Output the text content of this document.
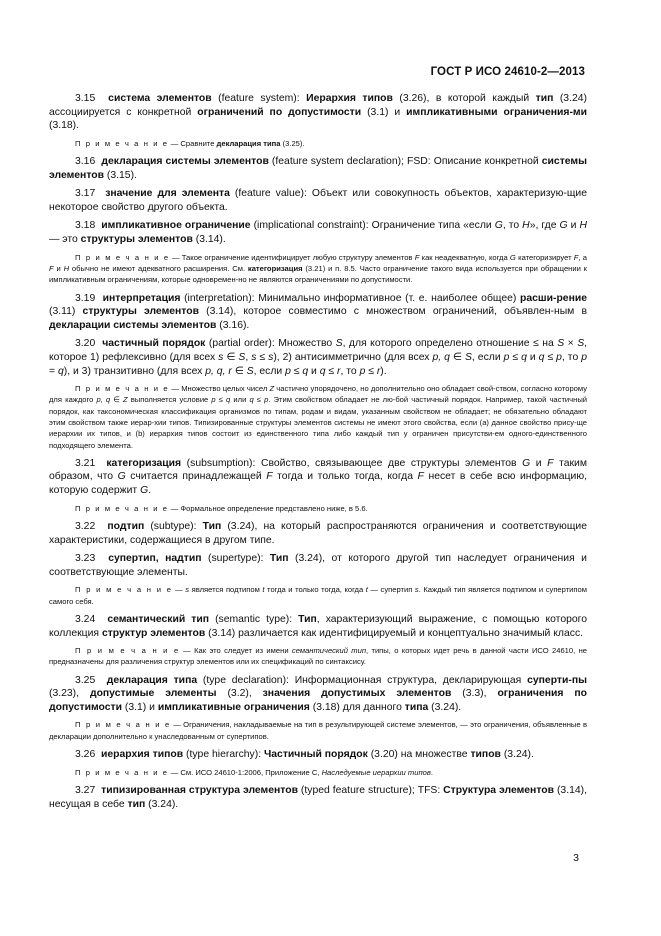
ГОСТ Р ИСО 24610-2—2013

3.15 система элементов (feature system): Иерархия типов (3.26), в которой каждый тип (3.24) ассоциируется с конкретной ограничений по допустимости (3.1) и импликативными ограничения-ми (3.18).

П р и м е ч а н и е — Сравните декларация типа (3.25).

3.16 декларация системы элементов (feature system declaration); FSD: Описание конкретной системы элементов (3.15).

3.17 значение для элемента (feature value): Объект или совокупность объектов, характеризую-щие некоторое свойство другого объекта.

3.18 импликативное ограничение (implicational constraint): Ограничение типа «если G, то H», где G и H — это структуры элементов (3.14).

П р и м е ч а н и е — Такое ограничение идентифицирует любую структуру элементов F как неадекватную, когда G категоризирует F, а F и H обычно не имеют адекватного расширения. См. категоризация (3.21) и п. 8.5. Часто ограничение такого вида используется при обращении к импликативным ограничениям, которые одновремен-но не являются ограничениями по допустимости.

3.19 интерпретация (interpretation): Минимально информативное (т. е. наиболее общее) расши-рение (3.11) структуры элементов (3.14), которое совместимо с множеством ограничений, объявлен-ным в декларации системы элементов (3.16).

3.20 частичный порядок (partial order): Множество S, для которого определено отношение ≤ на S × S, которое 1) рефлексивно (для всех s ∈ S, s ≤ s), 2) антисимметрично (для всех p, q ∈ S, если p ≤ q и q ≤ p, то p = q), и 3) транзитивно (для всех p, q, r ∈ S, если p ≤ q и q ≤ r, то p ≤ r).

П р и м е ч а н и е — Множество целых чисел Z частично упорядочено, но дополнительно оно обладает свой-ством, согласно которому для каждого p, q ∈ Z выполняется условие p ≤ q или q ≤ p. Этим свойством обладает не лю-бой частичный порядок. Например, такой частичный порядок, как таксономическая классификация организмов по типам, родам и видам, указанным свойством не обладает; не обязательно обладают этим свойством также иерар-хии типов. Типизированные структуры элементов системы не имеют этого свойства, если (а) данное свойство прису-ще иерархии их типов, и (b) иерархия типов состоит из единственного типа либо каждый тип у ограничен присутстви-ем одного-единственного подходящего элемента.

3.21 категоризация (subsumption): Свойство, связывающее две структуры элементов G и F таким образом, что G считается принадлежащей F тогда и только тогда, когда F несет в себе всю информацию, которую содержит G.

П р и м е ч а н и е — Формальное определение представлено ниже, в 5.6.

3.22 подтип (subtype): Тип (3.24), на который распространяются ограничения и соответствующие характеристики, содержащиеся в другом типе.

3.23 супертип, надтип (supertype): Тип (3.24), от которого другой тип наследует ограничения и соответствующие элементы.

П р и м е ч а н и е — s является подтипом t тогда и только тогда, когда t — супертип s. Каждый тип является подтипом и супертипом самого себя.

3.24 семантический тип (semantic type): Тип, характеризующий выражение, с помощью которого коллекция структур элементов (3.14) различается как идентифицируемый и концептуально значимый класс.

П р и м е ч а н и е — Как это следует из имени семантический тип, типы, о которых идет речь в данной части ИСО 24610, не предназначены для различения структур элементов или их спецификаций по синтаксису.

3.25 декларация типа (type declaration): Информационная структура, декларирующая суперти-пы (3.23), допустимые элементы (3.2), значения допустимых элементов (3.3), ограничения по допустимости (3.1) и импликативные ограничения (3.18) для данного типа (3.24).

П р и м е ч а н и е — Ограничения, накладываемые на тип в результирующей системе элементов, — это ограничения, объявленные в декларации дополнительно к унаследованным от супертипов.

3.26 иерархия типов (type hierarchy): Частичный порядок (3.20) на множестве типов (3.24).

П р и м е ч а н и е — См. ИСО 24610-1:2006, Приложение С, Наследуемые иерархии типов.

3.27 типизированная структура элементов (typed feature structure); TFS: Структура элементов (3.14), несущая в себе тип (3.24).

3
